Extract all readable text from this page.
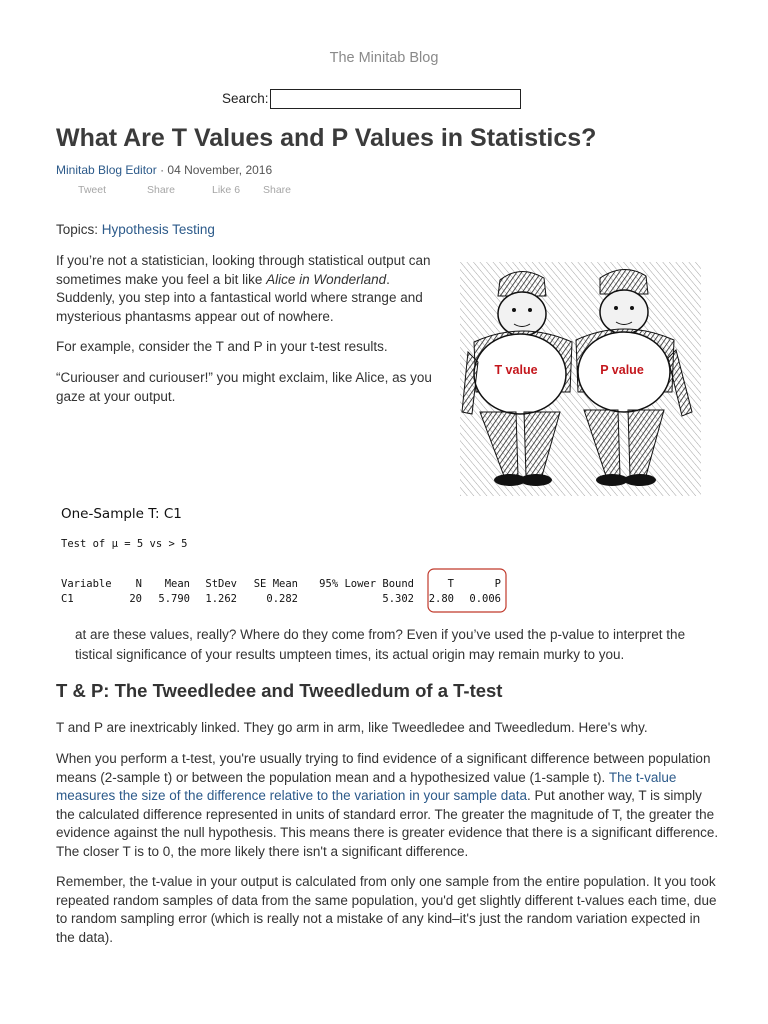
The Minitab Blog
Search:
What Are T Values and P Values in Statistics?
Minitab Blog Editor · 04 November, 2016
Tweet	Share	Like 6 Share
Topics: Hypothesis Testing

If you’re not a statistician, looking through statistical output can sometimes make you feel a bit like Alice in Wonderland. Suddenly, you step into a fantastical world where strange and mysterious phantasms appear out of nowhere.

For example, consider the T and P in your t-test results.

“Curiouser and curiouser!” you might exclaim, like Alice, as you gaze at your output.

T value	P value
One-Sample T: C1
Test of μ = 5 vs > 5
Variable N Mean StDev SE Mean 95% Lower Bound	T	P
C1	20 5.790 1.262	0.282	5.302 2.80 0.006

at are these values, really? Where do they come from? Even if you’ve used the p-value to interpret the

tistical significance of your results umpteen times, its actual origin may remain murky to you.

T & P: The Tweedledee and Tweedledum of a T-test

T and P are inextricably linked. They go arm in arm, like Tweedledee and Tweedledum. Here's why.

When you perform a t-test, you're usually trying to find evidence of a significant difference between population means (2-sample t) or between the population mean and a hypothesized value (1-sample t). The t-value measures the size of the difference relative to the variation in your sample data. Put another way, T is simply the calculated difference represented in units of standard error. The greater the magnitude of T, the greater the evidence against the null hypothesis. This means there is greater evidence that there is a significant difference. The closer T is to 0, the more likely there isn't a significant difference.

Remember, the t-value in your output is calculated from only one sample from the entire population. It you took repeated random samples of data from the same population, you'd get slightly different t-values each time, due to random sampling error (which is really not a mistake of any kind–it's just the random variation expected in the data).
